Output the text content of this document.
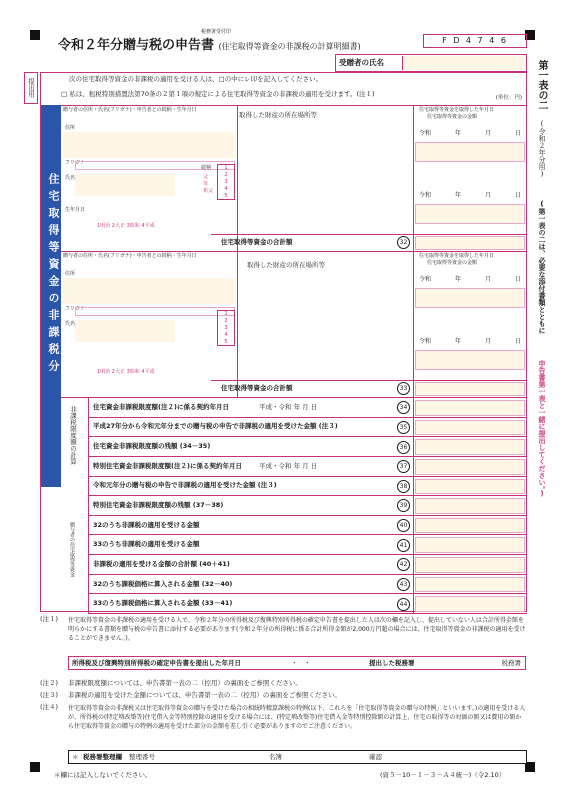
令和２年分贈与税の申告書 (住宅取得等資金の非課税の計算明細書)
税務署受付印
F D 4 7 4 6
受贈者の氏名
提出用	第一表の二
(令和２年分用)
(第一表の二は、必要な添付書類とともに
申告書第一表と一緒に提出してください。)
次の住宅取得等資金の非課税の適用を受ける人は、□の中にレ印を記入してください。
□ 私は、租税特別措置法第70条の２第１項の規定による住宅取得等資金の非課税の適用を受けます。(注１)	(単位：円)
住宅取得等資金の非課税分
贈与者の住所・氏名(フリガナ)・申告者との続柄・生年月日
取得した財産の所在場所等
住宅取得等資金を取得した年月日
住宅取得等資金の金額
住所
フリガナ
氏名
続柄	1
2
3
4
5
父
母
祖父
生年月日
1明治 2大正 3昭和 4平成
令和	年	月	日
令和	年	月	日
住宅取得等資金の合計額	32
贈与者の住所・氏名(フリガナ)・申告者との続柄・生年月日
取得した財産の所在場所等
住宅取得等資金を取得した年月日
住宅取得等資金の金額
住所
フリガナ
氏名
1
2
3
4
5
1明治 2大正 3昭和 4平成
令和	年	月	日
令和	年	月	日
住宅取得等資金の合計額	33
非課税限度額の計算
贈与者の住宅取得等資金
住宅資金非課税限度額(注２)に係る契約年月日	平成・令和 年 月 日	34
平成27年分から令和元年分までの贈与税の申告で非課税の適用を受けた金額 (注３)	35
住宅資金非課税限度額の残額 (34－35)	36
特別住宅資金非課税限度額(注２)に係る契約年月日	平成・令和 年 月 日	37
令和元年分の贈与税の申告で非課税の適用を受けた金額 (注３)	38
特別住宅資金非課税限度額の残額 (37－38)	39
32のうち非課税の適用を受ける金額	40
33のうち非課税の適用を受ける金額	41
非課税の適用を受ける金額の合計額 (40＋41)	42
32のうち課税価格に算入される金額 (32－40)	43
33のうち課税価格に算入される金額 (33－41)	44
(注１) 住宅取得等資金の非課税の適用を受ける人で、令和２年分の所得税及び復興特別所得税の確定申告書を提出した人は次の欄を記入し、提出していない人は合計所得金額を明らかにする書類を贈与税の申告書に添付する必要があります(令和２年分の所得税に係る合計所得金額が2,000万円超の場合には、住宅取得等資金の非課税の適用を受けることができません。)。
所得税及び復興特別所得税の確定申告書を提出した年月日	・　・	提出した税務署	税務署
(注２) 非課税限度額については、申告書第一表の二（控用）の裏面をご参照ください。
(注３) 非課税の適用を受けた金額については、申告書第一表の二（控用）の裏面をご参照ください。
(注４) 住宅取得等資金の非課税又は住宅取得等資金の贈与を受けた場合の相続時精算課税の特例(以下、これらを「住宅取得等資金の贈与の特例」といいます。)の適用を受ける人が、所得税の(特定増改築等)住宅借入金等特別控除の適用を受ける場合には、(特定増改築等)住宅借入金等特別控除額の計算上、住宅の取得等の対価の額又は費用の額から住宅取得等資金の贈与の特例の適用を受けた部分の金額を差し引く必要がありますのでご注意ください。
＊ 税務署整理欄 整理番号	名簿	確認
＊欄には記入しないでください。	(資５－10－１－３－Ａ４統一)（令2.10）
